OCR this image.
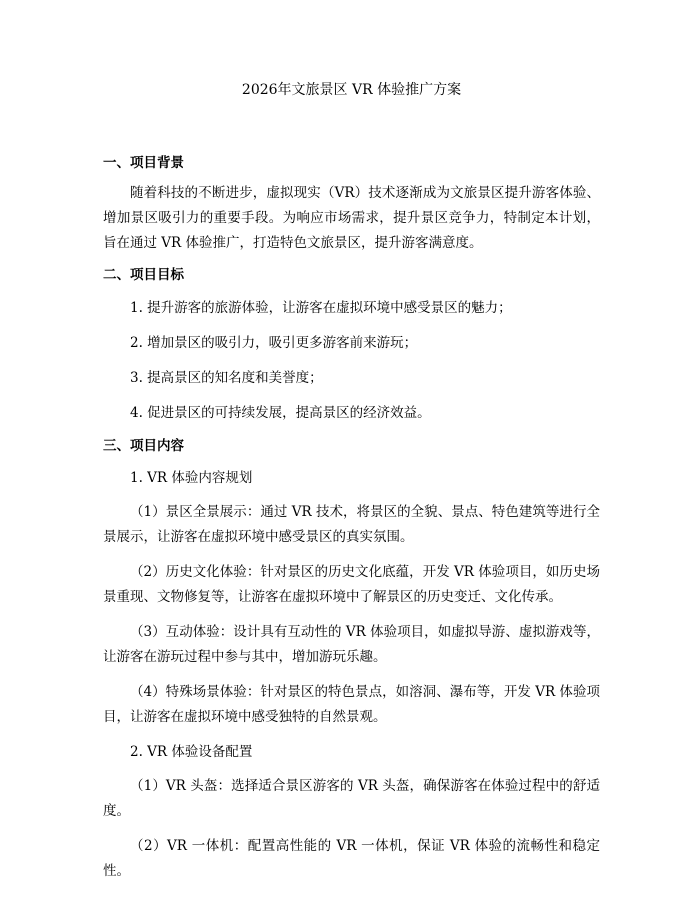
2026年文旅景区 VR 体验推广方案

一、项目背景

随着科技的不断进步，虚拟现实（VR）技术逐渐成为文旅景区提升游客体验、增加景区吸引力的重要手段。为响应市场需求，提升景区竞争力，特制定本计划，旨在通过 VR 体验推广，打造特色文旅景区，提升游客满意度。

二、项目目标

1. 提升游客的旅游体验，让游客在虚拟环境中感受景区的魅力；

2. 增加景区的吸引力，吸引更多游客前来游玩；

3. 提高景区的知名度和美誉度；

4. 促进景区的可持续发展，提高景区的经济效益。

三、项目内容

1. VR 体验内容规划

（1）景区全景展示：通过 VR 技术，将景区的全貌、景点、特色建筑等进行全景展示，让游客在虚拟环境中感受景区的真实氛围。

（2）历史文化体验：针对景区的历史文化底蕴，开发 VR 体验项目，如历史场景重现、文物修复等，让游客在虚拟环境中了解景区的历史变迁、文化传承。

（3）互动体验：设计具有互动性的 VR 体验项目，如虚拟导游、虚拟游戏等，让游客在游玩过程中参与其中，增加游玩乐趣。

（4）特殊场景体验：针对景区的特色景点，如溶洞、瀑布等，开发 VR 体验项目，让游客在虚拟环境中感受独特的自然景观。

2. VR 体验设备配置

（1）VR 头盔：选择适合景区游客的 VR 头盔，确保游客在体验过程中的舒适度。

（2）VR 一体机：配置高性能的 VR 一体机，保证 VR 体验的流畅性和稳定性。
